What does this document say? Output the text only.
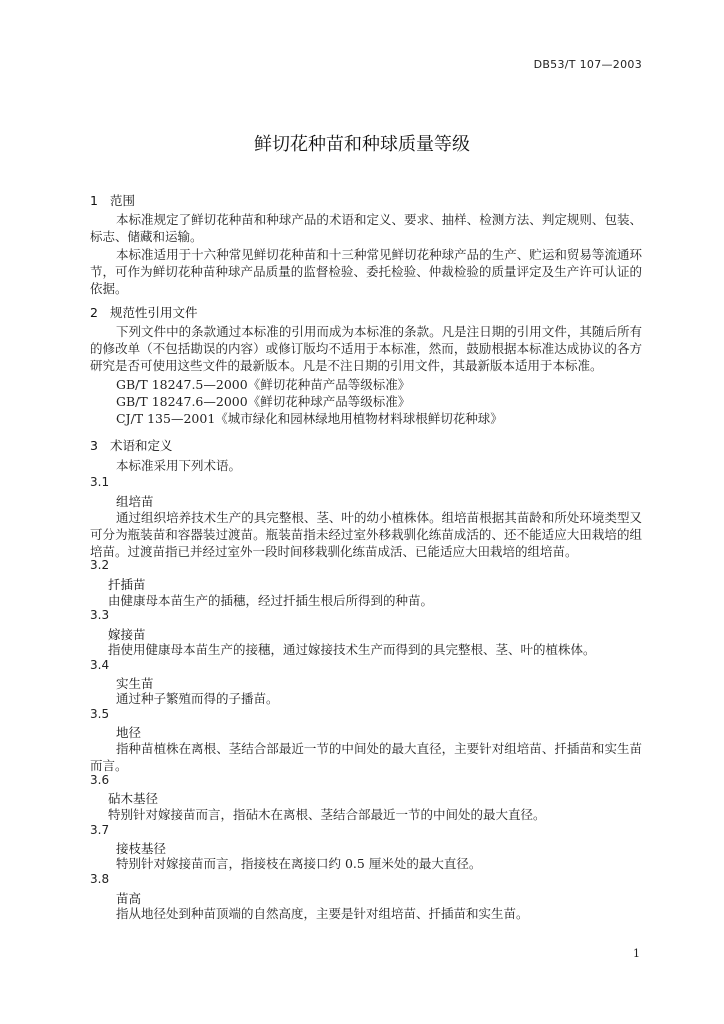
DB53/T 107—2003
鲜切花种苗和种球质量等级
1 范围
本标准规定了鲜切花种苗和种球产品的术语和定义、要求、抽样、检测方法、判定规则、包装、标志、储藏和运输。
本标准适用于十六种常见鲜切花种苗和十三种常见鲜切花种球产品的生产、贮运和贸易等流通环节，可作为鲜切花种苗种球产品质量的监督检验、委托检验、仲裁检验的质量评定及生产许可认证的依据。
2 规范性引用文件
下列文件中的条款通过本标准的引用而成为本标准的条款。凡是注日期的引用文件，其随后所有的修改单（不包括勘误的内容）或修订版均不适用于本标准，然而，鼓励根据本标准达成协议的各方研究是否可使用这些文件的最新版本。凡是不注日期的引用文件，其最新版本适用于本标准。
GB/T 18247.5—2000《鲜切花种苗产品等级标准》
GB/T 18247.6—2000《鲜切花种球产品等级标准》
CJ/T 135—2001《城市绿化和园林绿地用植物材料球根鲜切花种球》
3 术语和定义
本标准采用下列术语。
3.1
组培苗
通过组织培养技术生产的具完整根、茎、叶的幼小植株体。组培苗根据其苗龄和所处环境类型又可分为瓶装苗和容器装过渡苗。瓶装苗指未经过室外移栽驯化练苗成活的、还不能适应大田栽培的组培苗。过渡苗指已并经过室外一段时间移栽驯化练苗成活、已能适应大田栽培的组培苗。
3.2
扦插苗
由健康母本苗生产的插穗，经过扦插生根后所得到的种苗。
3.3
嫁接苗
指使用健康母本苗生产的接穗，通过嫁接技术生产而得到的具完整根、茎、叶的植株体。
3.4
实生苗
通过种子繁殖而得的子播苗。
3.5
地径
指种苗植株在离根、茎结合部最近一节的中间处的最大直径，主要针对组培苗、扦插苗和实生苗而言。
3.6
砧木基径
特别针对嫁接苗而言，指砧木在离根、茎结合部最近一节的中间处的最大直径。
3.7
接枝基径
特别针对嫁接苗而言，指接枝在离接口约 0.5 厘米处的最大直径。
3.8
苗高
指从地径处到种苗顶端的自然高度，主要是针对组培苗、扦插苗和实生苗。
1
